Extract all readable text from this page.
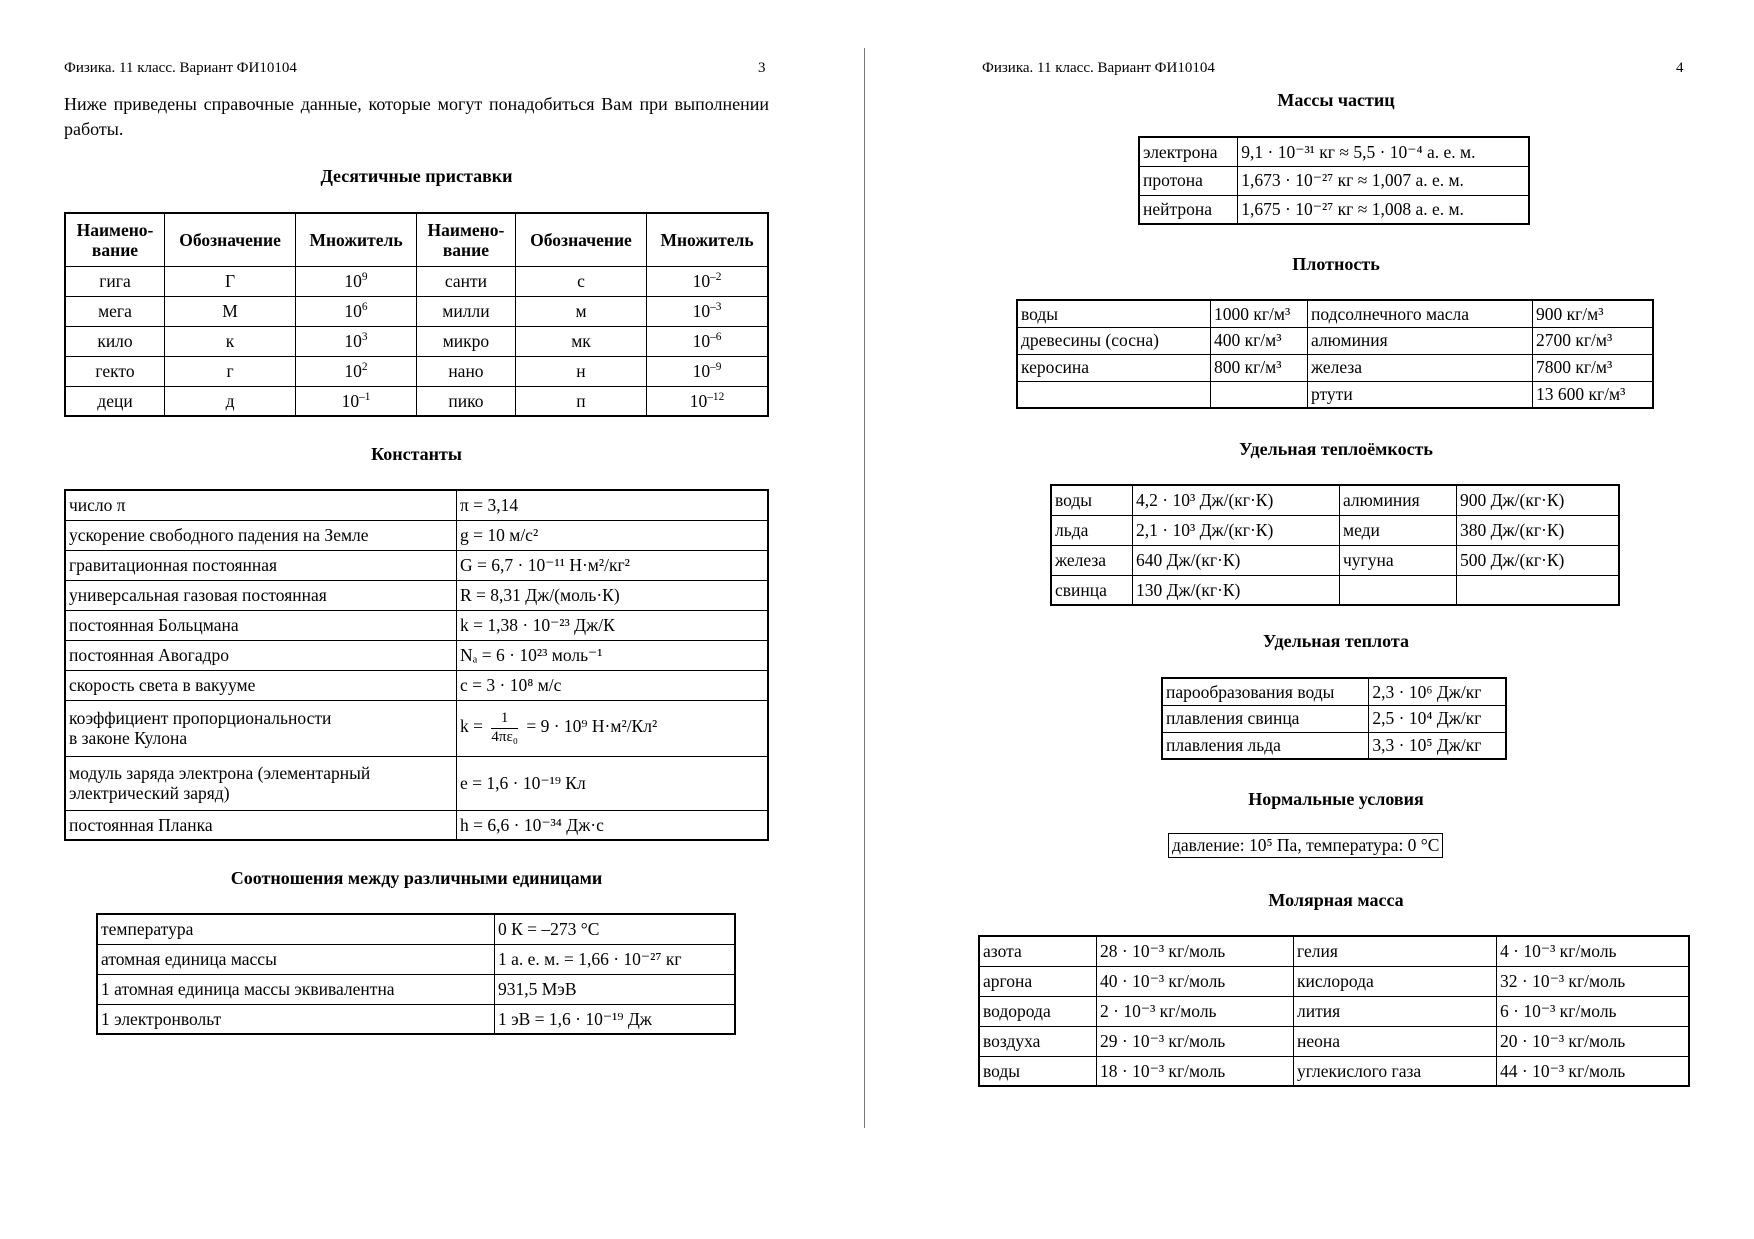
Физика. 11 класс. Вариант ФИ10104	3
Ниже приведены справочные данные, которые могут понадобиться Вам при выполнении работы.
Десятичные приставки
Наимено-вание	Обозначение	Множитель	Наимено-вание	Обозначение	Множитель
гига	Г	$10^9$	санти	с	$10^{-2}$
мега	М	$10^6$	милли	м	$10^{-3}$
кило	к	$10^3$	микро	мк	$10^{-6}$
гекто	г	$10^2$	нано	н	$10^{-9}$
деци	д	$10^{-1}$	пико	п	$10^{-12}$
Константы
число π	π = 3,14
ускорение свободного падения на Земле	g = 10 м/с²
гравитационная постоянная	G = 6,7 · 10⁻¹¹ Н·м²/кг²
универсальная газовая постоянная	R = 8,31 Дж/(моль·К)
постоянная Больцмана	k = 1,38 · 10⁻²³ Дж/К
постоянная Авогадро	Nₐ = 6 · 10²³ моль⁻¹
скорость света в вакууме	c = 3 · 10⁸ м/с
коэффициент пропорциональности
в законе Кулона	$k = \frac{1}{\text{4πε₀}} = 9 \cdot 10^9$ Н·м²/Кл²
модуль заряда электрона (элементарный
электрический заряд)	e = 1,6 · 10⁻¹⁹ Кл
постоянная Планка	h = 6,6 · 10⁻³⁴ Дж·с
Соотношения между различными единицами
температура	0 К = –273 °С
атомная единица массы	1 а. е. м. = 1,66 · 10⁻²⁷ кг
1 атомная единица массы эквивалентна	931,5 МэВ
1 электронвольт	1 эВ = 1,6 · 10⁻¹⁹ Дж
Физика. 11 класс. Вариант ФИ10104	4
Массы частиц
электрона	9,1 · 10⁻³¹ кг ≈ 5,5 · 10⁻⁴ а. е. м.
протона	1,673 · 10⁻²⁷ кг ≈ 1,007 а. е. м.
нейтрона	1,675 · 10⁻²⁷ кг ≈ 1,008 а. е. м.
Плотность
воды	1000 кг/м³	подсолнечного масла	900 кг/м³
древесины (сосна)	400 кг/м³	алюминия	2700 кг/м³
керосина	800 кг/м³	железа	7800 кг/м³
		ртути	13 600 кг/м³
Удельная теплоёмкость
воды	4,2 · 10³ Дж/(кг·К)	алюминия	900 Дж/(кг·К)
льда	2,1 · 10³ Дж/(кг·К)	меди	380 Дж/(кг·К)
железа	640 Дж/(кг·К)	чугуна	500 Дж/(кг·К)
свинца	130 Дж/(кг·К)		
Удельная теплота
парообразования воды	2,3 · 10⁶ Дж/кг
плавления свинца	2,5 · 10⁴ Дж/кг
плавления льда	3,3 · 10⁵ Дж/кг
Нормальные условия
давление: 10⁵ Па, температура: 0 °С
Молярная масса
азота	28 · 10⁻³ кг/моль	гелия	4 · 10⁻³ кг/моль
аргона	40 · 10⁻³ кг/моль	кислорода	32 · 10⁻³ кг/моль
водорода	2 · 10⁻³ кг/моль	лития	6 · 10⁻³ кг/моль
воздуха	29 · 10⁻³ кг/моль	неона	20 · 10⁻³ кг/моль
воды	18 · 10⁻³ кг/моль	углекислого газа	44 · 10⁻³ кг/моль
